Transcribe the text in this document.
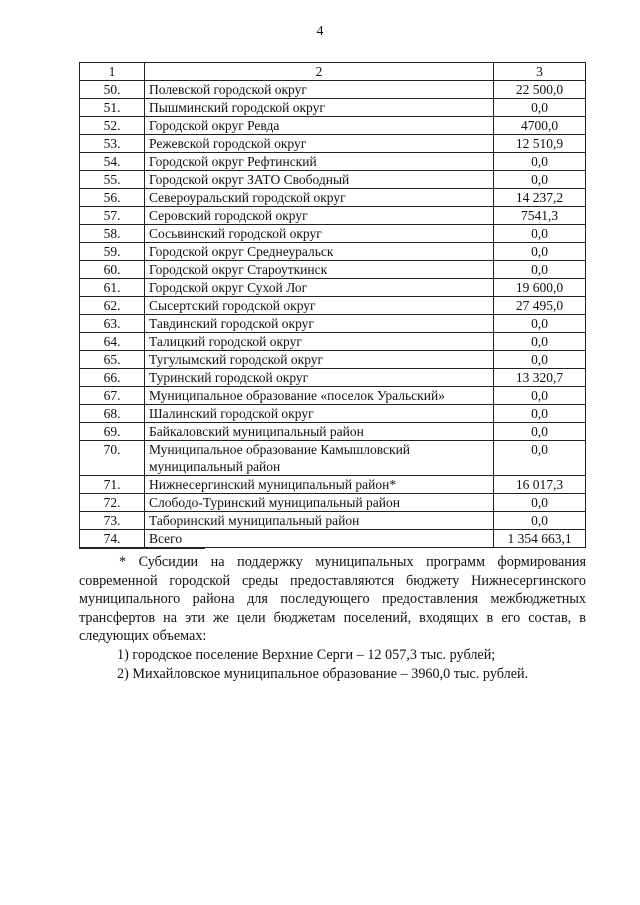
4
1	2	3
50.	Полевской городской округ	22 500,0
51.	Пышминский городской округ	0,0
52.	Городской округ Ревда	4700,0
53.	Режевской городской округ	12 510,9
54.	Городской округ Рефтинский	0,0
55.	Городской округ ЗАТО Свободный	0,0
56.	Североуральский городской округ	14 237,2
57.	Серовский городской округ	7541,3
58.	Сосьвинский городской округ	0,0
59.	Городской округ Среднеуральск	0,0
60.	Городской округ Староуткинск	0,0
61.	Городской округ Сухой Лог	19 600,0
62.	Сысертский городской округ	27 495,0
63.	Тавдинский городской округ	0,0
64.	Талицкий городской округ	0,0
65.	Тугулымский городской округ	0,0
66.	Туринский городской округ	13 320,7
67.	Муниципальное образование «поселок Уральский»	0,0
68.	Шалинский городской округ	0,0
69.	Байкаловский муниципальный район	0,0
70.	Муниципальное образование Камышловский муниципальный район	0,0
71.	Нижнесергинский муниципальный район*	16 017,3
72.	Слободо-Туринский муниципальный район	0,0
73.	Таборинский муниципальный район	0,0
74.	Всего	1 354 663,1

* Субсидии на поддержку муниципальных программ формирования современной городской среды предоставляются бюджету Нижнесергинского муниципального района для последующего предоставления межбюджетных трансфертов на эти же цели бюджетам поселений, входящих в его состав, в следующих объемах:

1) городское поселение Верхние Серги – 12 057,3 тыс. рублей;

2) Михайловское муниципальное образование – 3960,0 тыс. рублей.
